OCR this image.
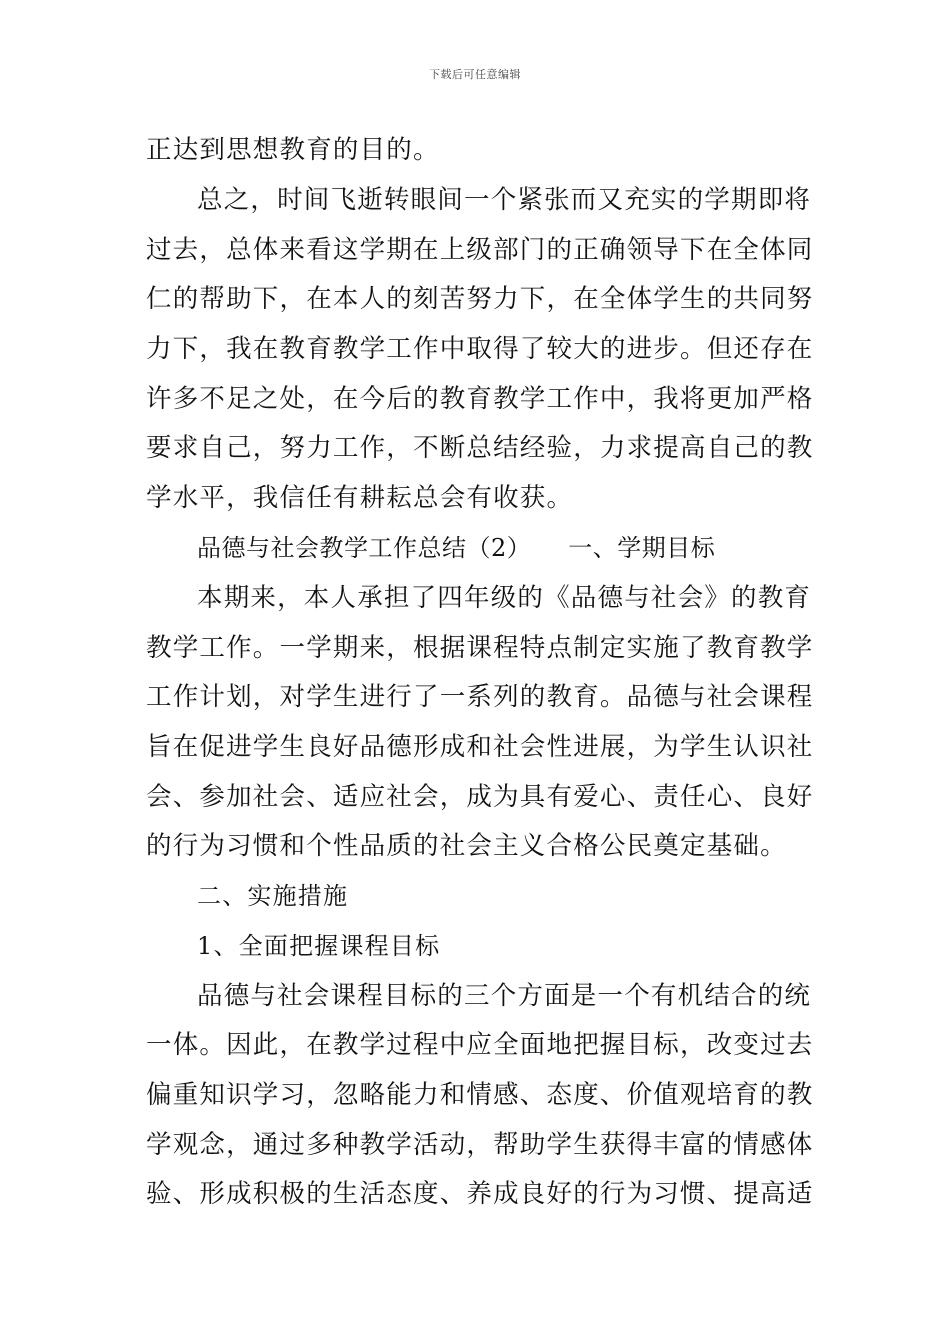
下载后可任意编辑
正达到思想教育的目的。
总之，时间飞逝转眼间一个紧张而又充实的学期即将
过去，总体来看这学期在上级部门的正确领导下在全体同
仁的帮助下，在本人的刻苦努力下，在全体学生的共同努
力下，我在教育教学工作中取得了较大的进步。但还存在
许多不足之处，在今后的教育教学工作中，我将更加严格
要求自己，努力工作，不断总结经验，力求提高自己的教
学水平，我信任有耕耘总会有收获。
品德与社会教学工作总结（2）　　一、学期目标
本期来，本人承担了四年级的《品德与社会》的教育
教学工作。一学期来，根据课程特点制定实施了教育教学
工作计划，对学生进行了一系列的教育。品德与社会课程
旨在促进学生良好品德形成和社会性进展，为学生认识社
会、参加社会、适应社会，成为具有爱心、责任心、良好
的行为习惯和个性品质的社会主义合格公民奠定基础。
二、实施措施
1、全面把握课程目标
品德与社会课程目标的三个方面是一个有机结合的统
一体。因此，在教学过程中应全面地把握目标，改变过去
偏重知识学习，忽略能力和情感、态度、价值观培育的教
学观念，通过多种教学活动，帮助学生获得丰富的情感体
验、形成积极的生活态度、养成良好的行为习惯、提高适
